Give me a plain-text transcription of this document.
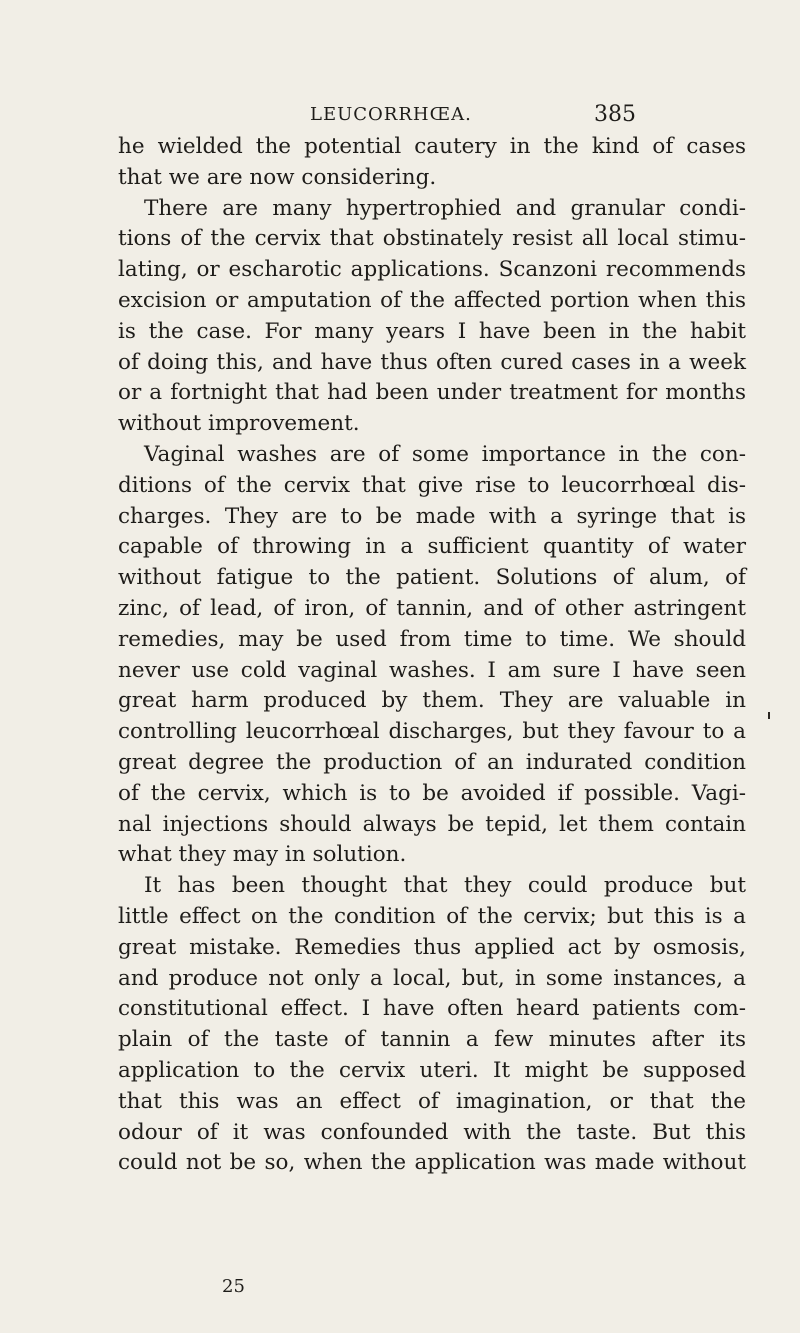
LEUCORRHŒA.	385
he wielded the potential cautery in the kind of cases
that we are now considering.
There are many hypertrophied and granular condi-
tions of the cervix that obstinately resist all local stimu-
lating, or escharotic applications. Scanzoni recommends
excision or amputation of the affected portion when this
is the case. For many years I have been in the habit
of doing this, and have thus often cured cases in a week
or a fortnight that had been under treatment for months
without improvement.
Vaginal washes are of some importance in the con-
ditions of the cervix that give rise to leucorrhœal dis-
charges. They are to be made with a syringe that is
capable of throwing in a sufficient quantity of water
without fatigue to the patient. Solutions of alum, of
zinc, of lead, of iron, of tannin, and of other astringent
remedies, may be used from time to time. We should
never use cold vaginal washes. I am sure I have seen
great harm produced by them. They are valuable in
controlling leucorrhœal discharges, but they favour to a
great degree the production of an indurated condition
of the cervix, which is to be avoided if possible. Vagi-
nal injections should always be tepid, let them contain
what they may in solution.
It has been thought that they could produce but
little effect on the condition of the cervix; but this is a
great mistake. Remedies thus applied act by osmosis,
and produce not only a local, but, in some instances, a
constitutional effect. I have often heard patients com-
plain of the taste of tannin a few minutes after its
application to the cervix uteri. It might be supposed
that this was an effect of imagination, or that the
odour of it was confounded with the taste. But this
could not be so, when the application was made without
25
